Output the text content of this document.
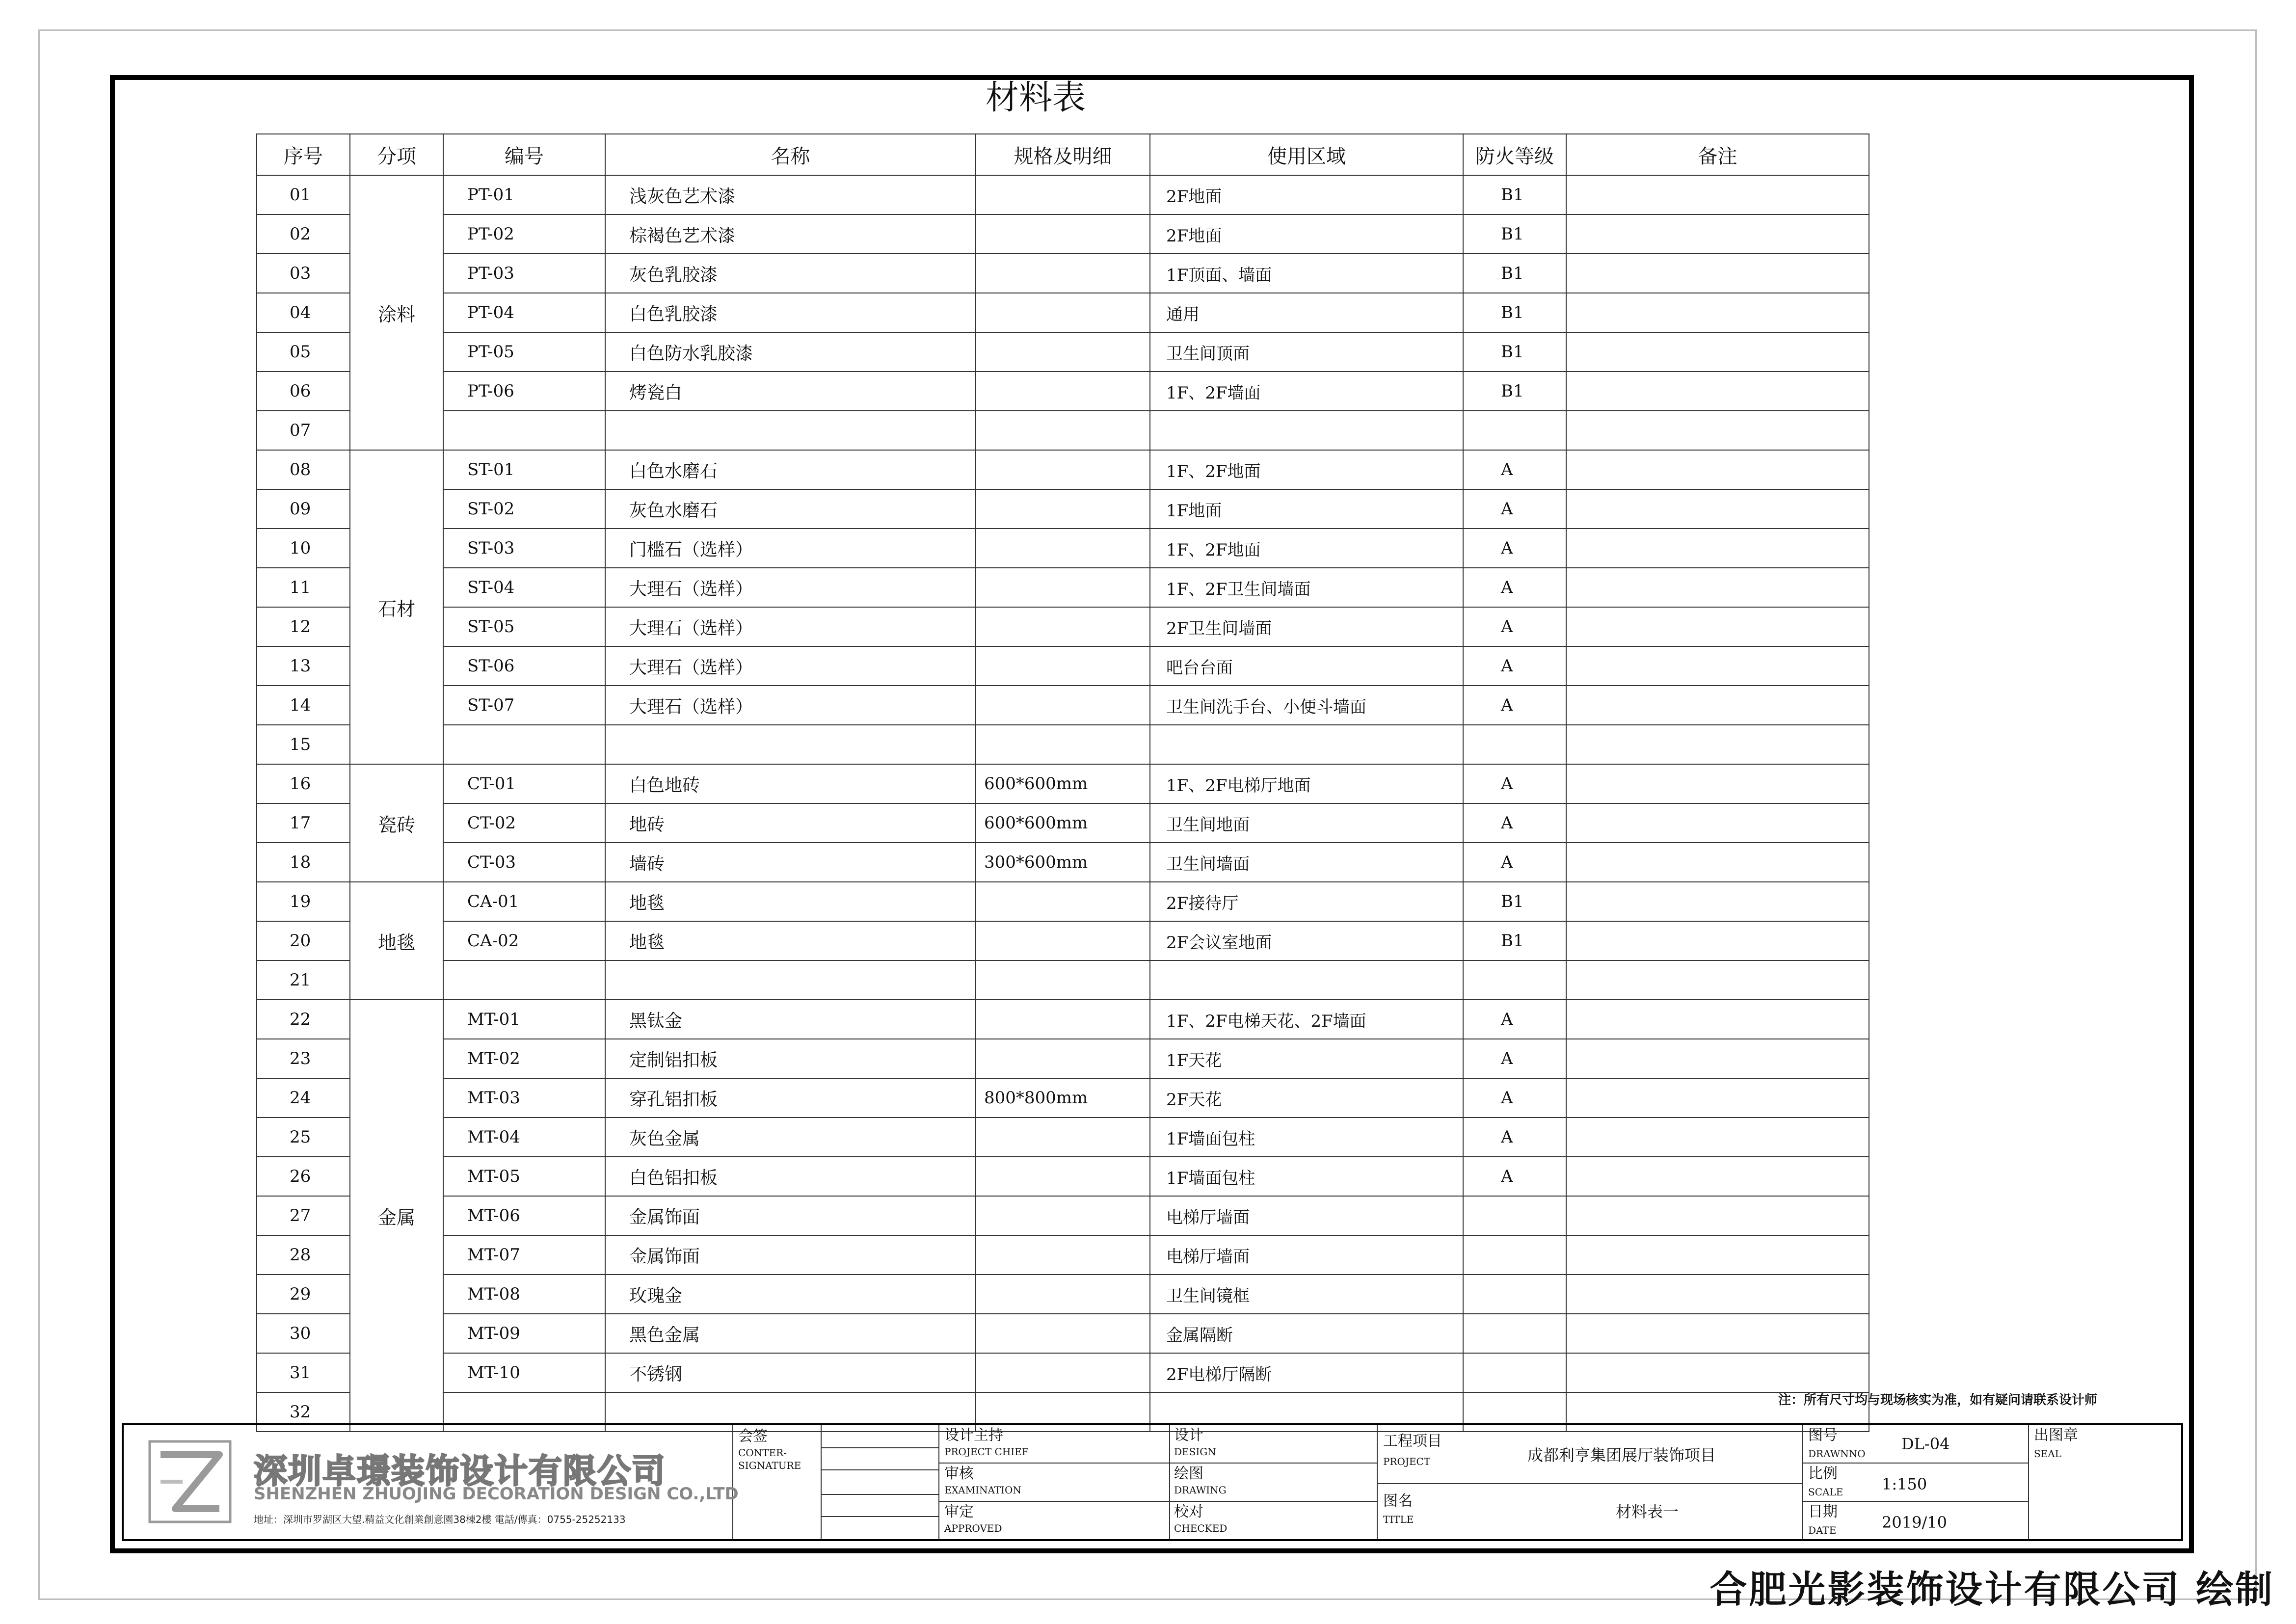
材料表
序号	分项	编号	名称	规格及明细	使用区域	防火等级	备注
01	涂料	PT-01	浅灰色艺术漆		2F地面	B1	
02		PT-02	棕褐色艺术漆		2F地面	B1	
03		PT-03	灰色乳胶漆		1F顶面、墙面	B1	
04		PT-04	白色乳胶漆		通用	B1	
05		PT-05	白色防水乳胶漆		卫生间顶面	B1	
06		PT-06	烤瓷白		1F、2F墙面	B1	
07							
08	石材	ST-01	白色水磨石		1F、2F地面	A	
09		ST-02	灰色水磨石		1F地面	A	
10		ST-03	门槛石（选样）		1F、2F地面	A	
11		ST-04	大理石（选样）		1F、2F卫生间墙面	A	
12		ST-05	大理石（选样）		2F卫生间墙面	A	
13		ST-06	大理石（选样）		吧台台面	A	
14		ST-07	大理石（选样）		卫生间洗手台、小便斗墙面	A	
15							
16	瓷砖	CT-01	白色地砖	600*600mm	1F、2F电梯厅地面	A	
17		CT-02	地砖	600*600mm	卫生间地面	A	
18		CT-03	墙砖	300*600mm	卫生间墙面	A	
19	地毯	CA-01	地毯		2F接待厅	B1	
20		CA-02	地毯		2F会议室地面	B1	
21							
22	金属	MT-01	黑钛金		1F、2F电梯天花、2F墙面	A	
23		MT-02	定制铝扣板		1F天花	A	
24		MT-03	穿孔铝扣板	800*800mm	2F天花	A	
25		MT-04	灰色金属		1F墙面包柱	A	
26		MT-05	白色铝扣板		1F墙面包柱	A	
27		MT-06	金属饰面		电梯厅墙面		
28		MT-07	金属饰面		电梯厅墙面		
29		MT-08	玫瑰金		卫生间镜框		
30		MT-09	黑色金属		金属隔断		
31		MT-10	不锈钢		2F电梯厅隔断		
32							
注：所有尺寸均与现场核实为准，如有疑问请联系设计师
深圳卓璟装饰设计有限公司
SHENZHEN ZHUOJING DECORATION DESIGN CO.,LTD
地址：深圳市罗湖区大望.精益文化創業創意園38棟2樓 電話/傳真：0755-25252133
会签
CONTER-
SIGNATURE
设计主持
PROJECT CHIEF
审核
EXAMINATION
审定
APPROVED
设计
DESIGN
绘图
DRAWING
校对
CHECKED
工程项目
PROJECT	成都利亨集团展厅装饰项目
图名
TITLE	材料表一
图号
DRAWNNO
DL-04
比例
SCALE 1:150
日期
DATE	2019/10
出图章
SEAL
合肥光影装饰设计有限公司 绘制
